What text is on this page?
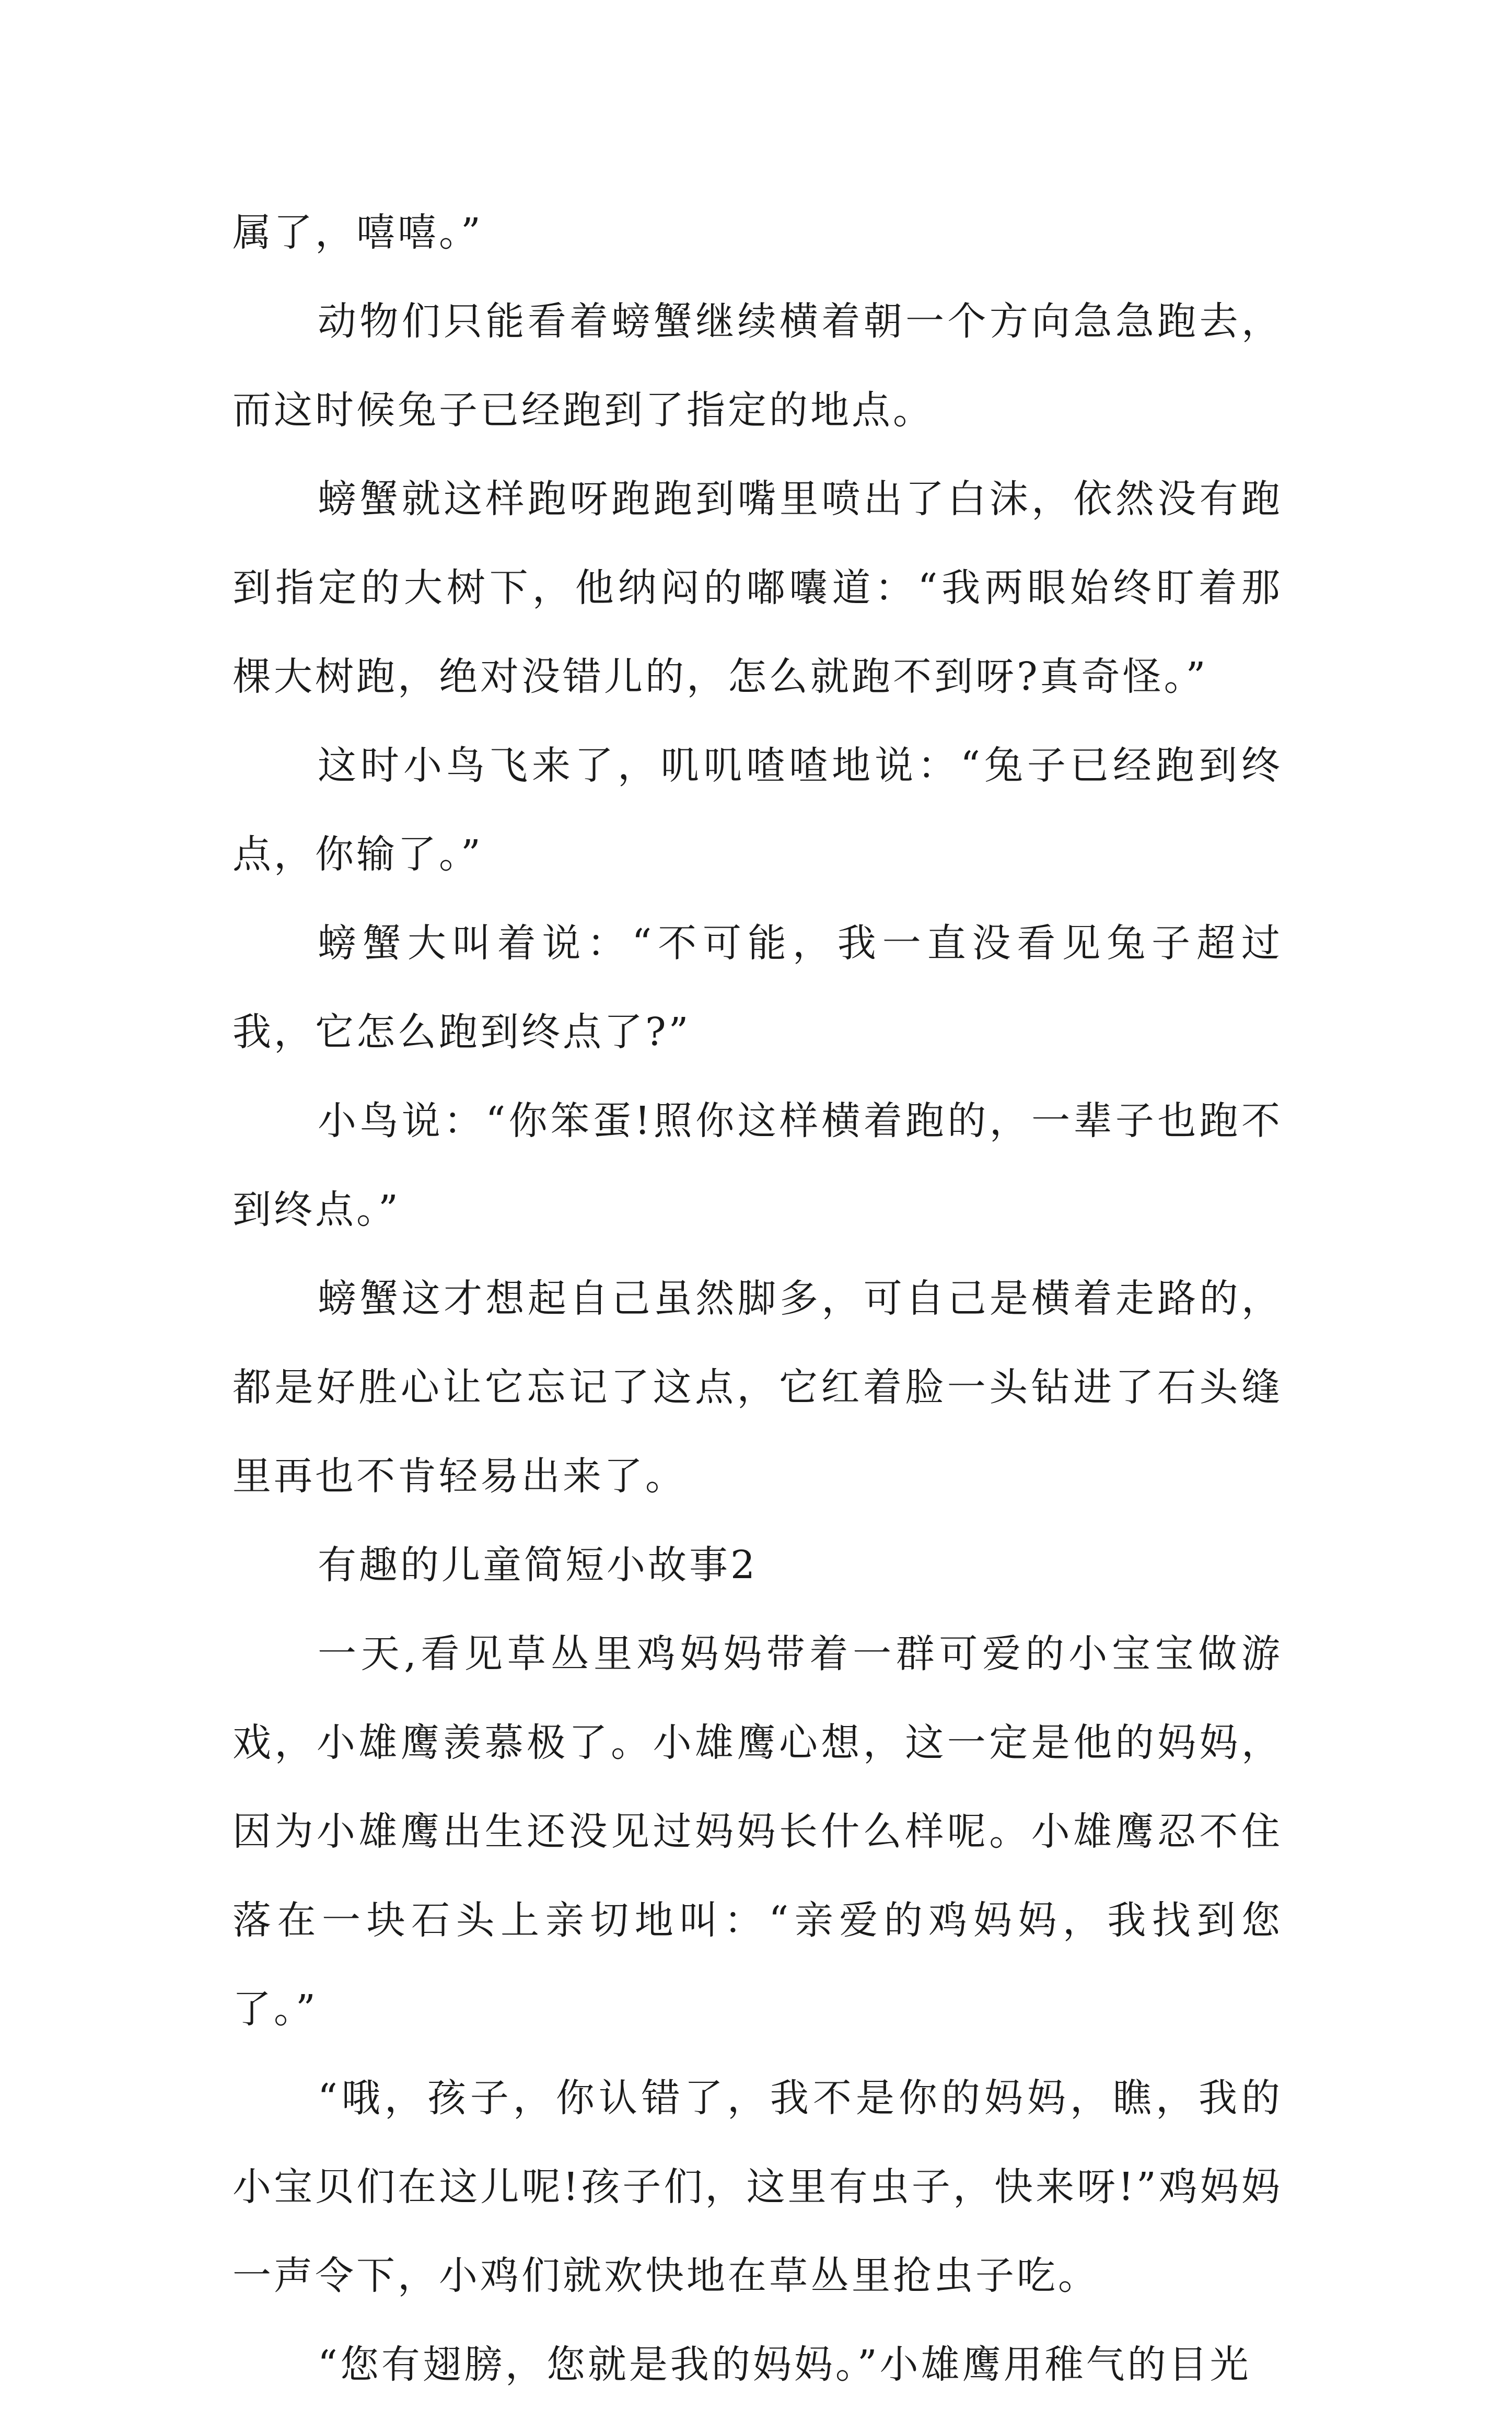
属了，嘻嘻。”

动物们只能看着螃蟹继续横着朝一个方向急急跑去，而这时候兔子已经跑到了指定的地点。

螃蟹就这样跑呀跑跑到嘴里喷出了白沫，依然没有跑到指定的大树下，他纳闷的嘟囔道：“我两眼始终盯着那棵大树跑，绝对没错儿的，怎么就跑不到呀?真奇怪。”

这时小鸟飞来了，叽叽喳喳地说：“兔子已经跑到终点，你输了。”

螃蟹大叫着说：“不可能，我一直没看见兔子超过我，它怎么跑到终点了?”

小鸟说：“你笨蛋!照你这样横着跑的，一辈子也跑不到终点。”

螃蟹这才想起自己虽然脚多，可自己是横着走路的，都是好胜心让它忘记了这点，它红着脸一头钻进了石头缝里再也不肯轻易出来了。

有趣的儿童简短小故事2

一天,看见草丛里鸡妈妈带着一群可爱的小宝宝做游戏，小雄鹰羡慕极了。小雄鹰心想，这一定是他的妈妈，因为小雄鹰出生还没见过妈妈长什么样呢。小雄鹰忍不住落在一块石头上亲切地叫：“亲爱的鸡妈妈，我找到您了。”

“哦，孩子，你认错了，我不是你的妈妈，瞧，我的小宝贝们在这儿呢!孩子们，这里有虫子，快来呀!”鸡妈妈一声令下，小鸡们就欢快地在草丛里抢虫子吃。

“您有翅膀，您就是我的妈妈。”小雄鹰用稚气的目光
